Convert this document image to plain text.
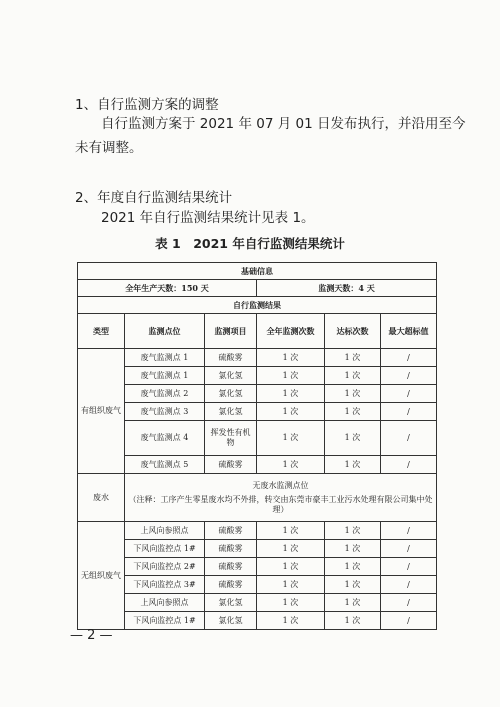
1、自行监测方案的调整
自行监测方案于 2021 年 07 月 01 日发布执行，并沿用至今
未有调整。
2、年度自行监测结果统计
2021 年自行监测结果统计见表 1。
表 1　2021 年自行监测结果统计
基础信息					
全年生产天数：150 天			监测天数：4 天		
自行监测结果					
类型	监测点位	监测项目	全年监测次数	达标次数	最大超标值
有组织废气	废气监测点 1	硫酸雾	1 次	1 次	/
	废气监测点 1	氯化氢	1 次	1 次	/
	废气监测点 2	氯化氢	1 次	1 次	/
	废气监测点 3	氯化氢	1 次	1 次	/
	废气监测点 4	挥发性有机物	1 次	1 次	/
	废气监测点 5	硫酸雾	1 次	1 次	/
废水	无废水监测点位
（注释：工序产生零星废水均不外排，转交由东莞市豪丰工业污水处理有限公司集中处理）				

无组织废气	上风向参照点	硫酸雾	1 次	1 次	/
	下风向监控点 1#	硫酸雾	1 次	1 次	/
	下风向监控点 2#	硫酸雾	1 次	1 次	/
	下风向监控点 3#	硫酸雾	1 次	1 次	/
	上风向参照点	氯化氢	1 次	1 次	/
	下风向监控点 1#	氯化氢	1 次	1 次	/
— 2 —
